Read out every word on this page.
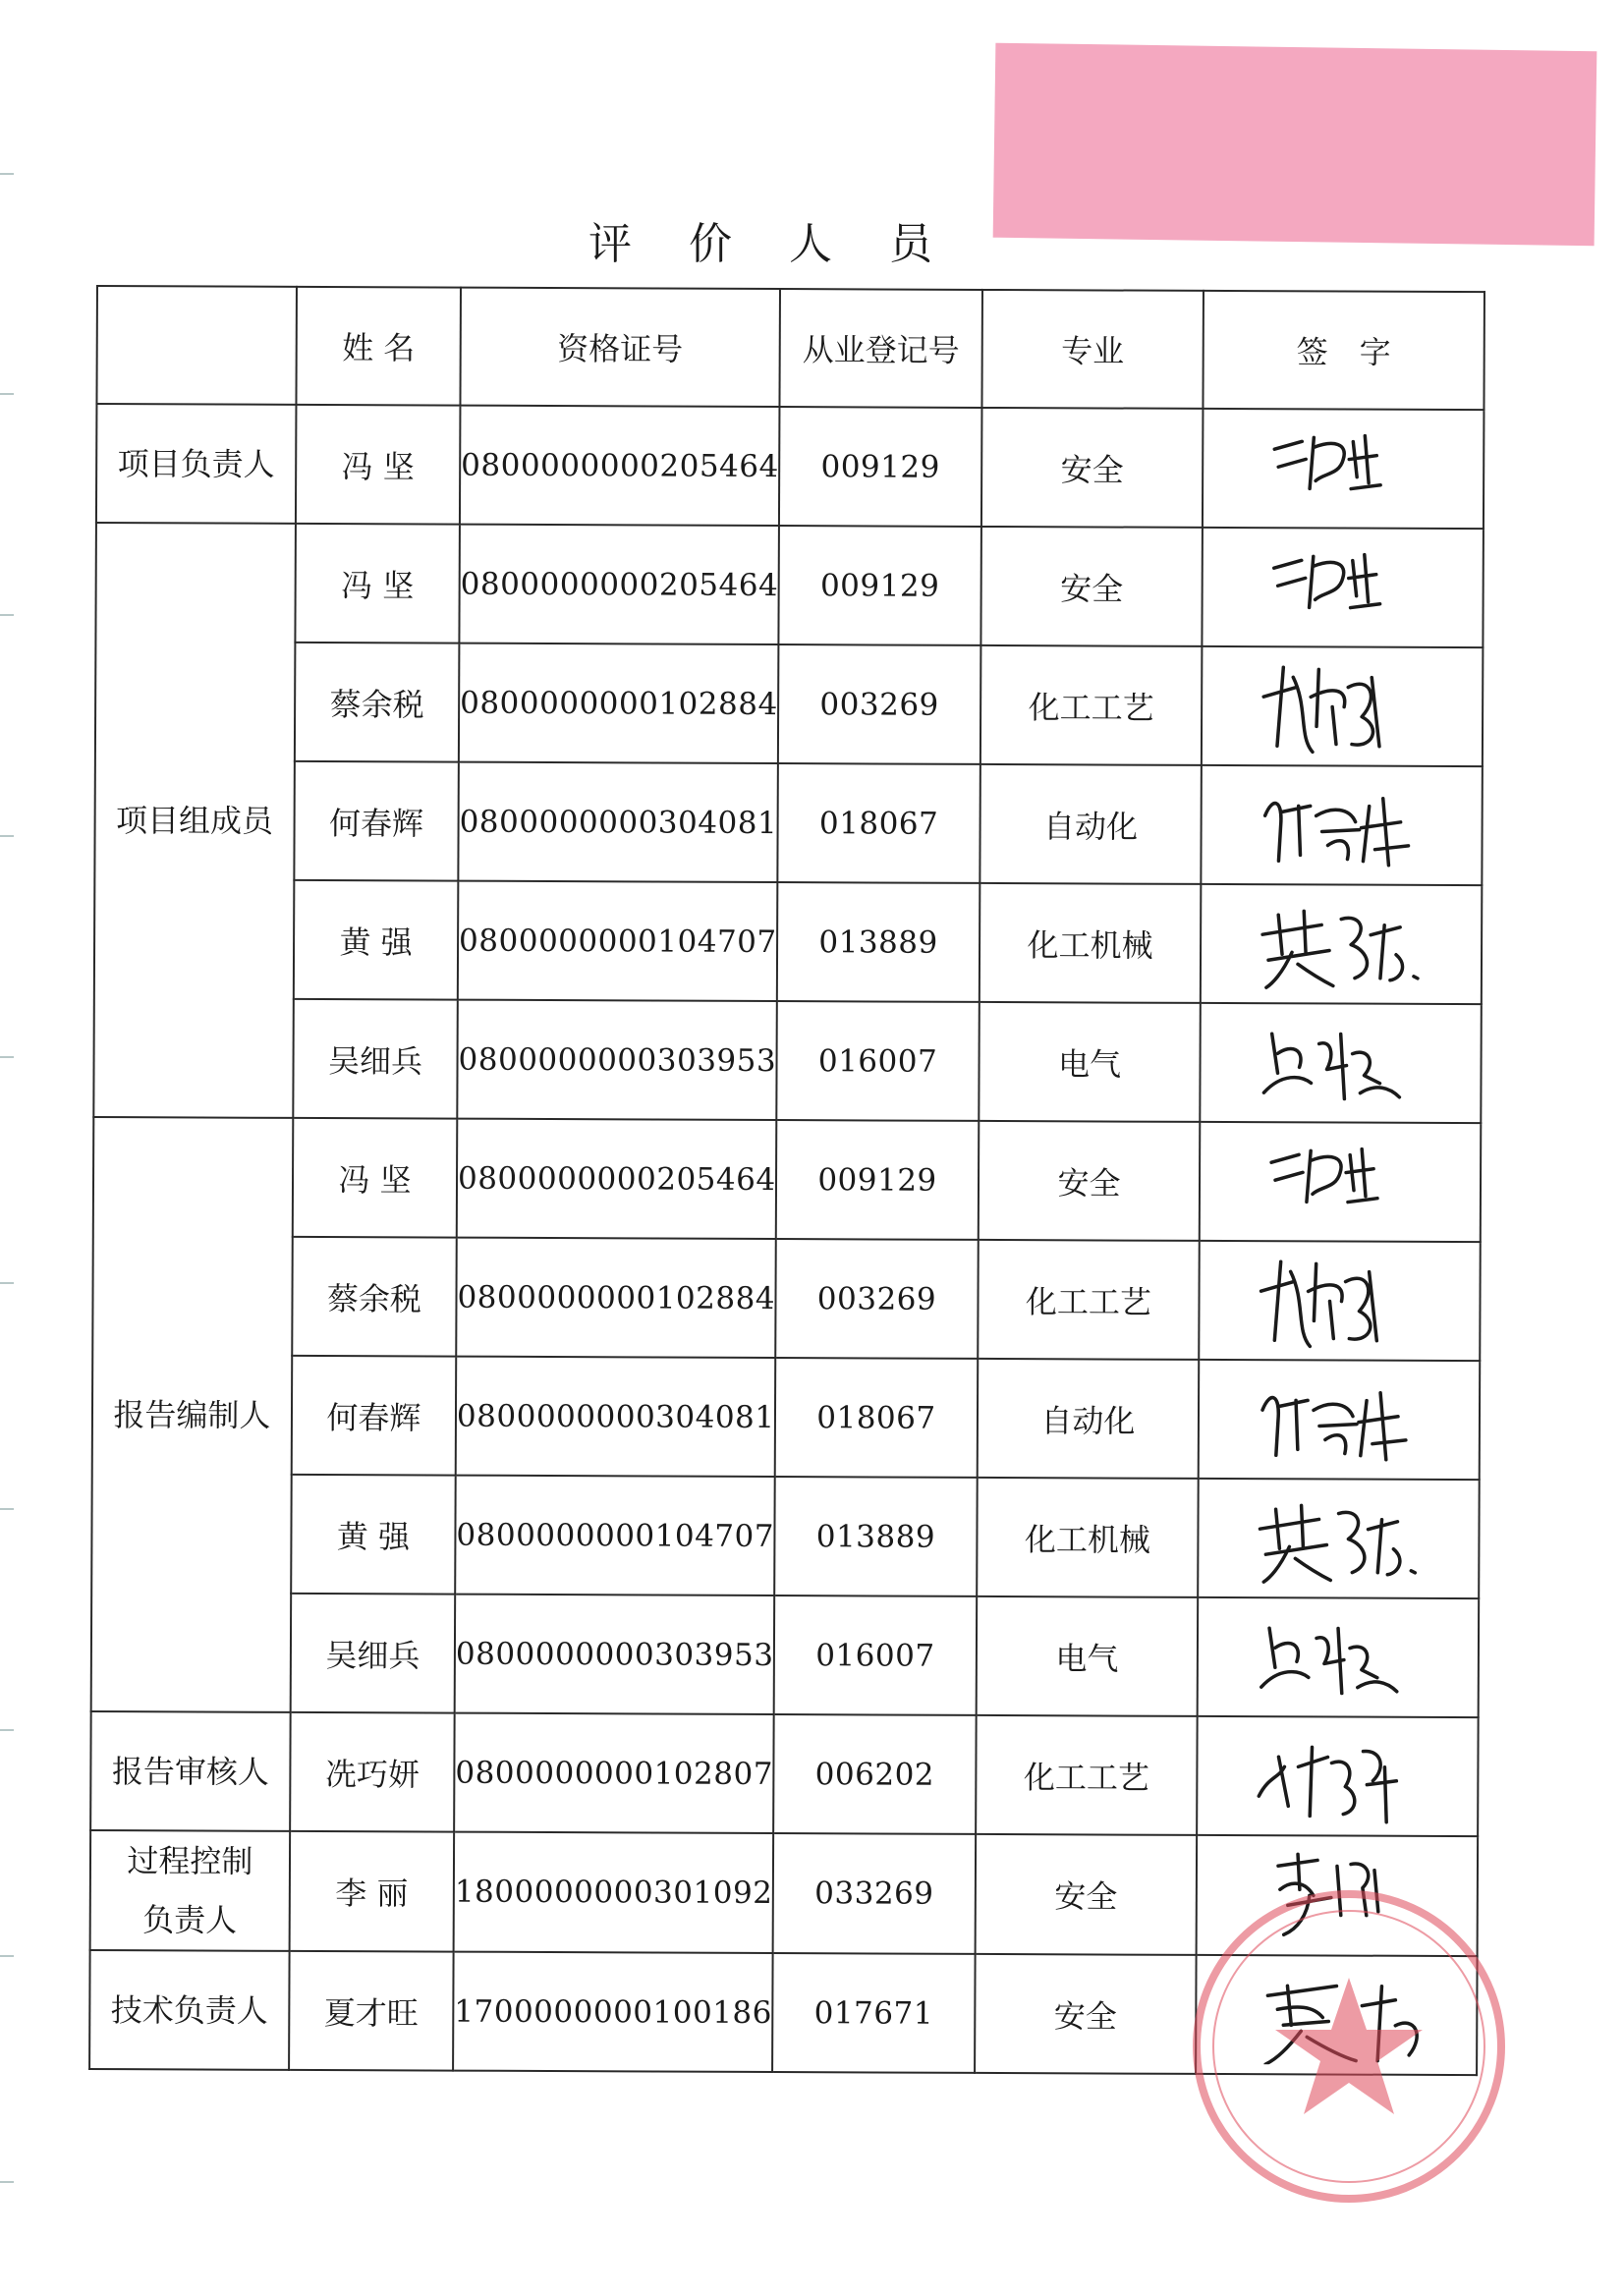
评 价 人 员
	姓 名	资格证号	从业登记号	专业	签　字
项目负责人	冯 坚	0800000000205464	009129	安全	

项目组成员	冯 坚	0800000000205464	009129	安全	

	蔡余税	0800000000102884	003269	化工工艺	

	何春辉	0800000000304081	018067	自动化	

	黄 强	0800000000104707	013889	化工机械	

	吴细兵	0800000000303953	016007	电气	

报告编制人	冯 坚	0800000000205464	009129	安全	

	蔡余税	0800000000102884	003269	化工工艺	

	何春辉	0800000000304081	018067	自动化	

	黄 强	0800000000104707	013889	化工机械	

	吴细兵	0800000000303953	016007	电气	

报告审核人	冼巧妍	0800000000102807	006202	化工工艺	

过程控制
负责人	李 丽	1800000000301092	033269	安全	

技术负责人	夏才旺	1700000000100186	017671	安全	
